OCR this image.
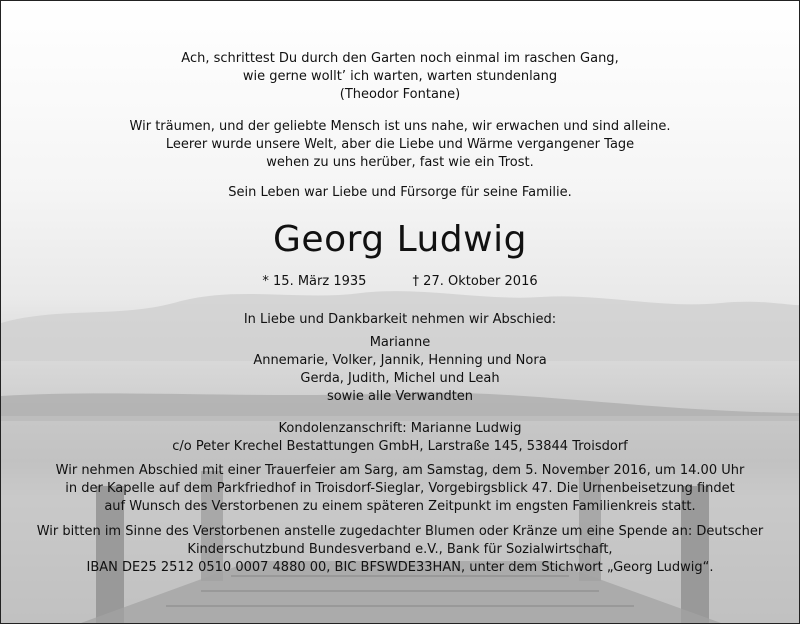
Ach, schrittest Du durch den Garten noch einmal im raschen Gang,
wie gerne wollt’ ich warten, warten stundenlang
(Theodor Fontane)
Wir träumen, und der geliebte Mensch ist uns nahe, wir erwachen und sind alleine.
Leerer wurde unsere Welt, aber die Liebe und Wärme vergangener Tage
wehen zu uns herüber, fast wie ein Trost.
Sein Leben war Liebe und Fürsorge für seine Familie.
Georg Ludwig
* 15. März 1935	† 27. Oktober 2016
In Liebe und Dankbarkeit nehmen wir Abschied:
Marianne
Annemarie, Volker, Jannik, Henning und Nora
Gerda, Judith, Michel und Leah
sowie alle Verwandten
Kondolenzanschrift: Marianne Ludwig
c/o Peter Krechel Bestattungen GmbH, Larstraße 145, 53844 Troisdorf
Wir nehmen Abschied mit einer Trauerfeier am Sarg, am Samstag, dem 5. November 2016, um 14.00 Uhr
in der Kapelle auf dem Parkfriedhof in Troisdorf-Sieglar, Vorgebirgsblick 47. Die Urnenbeisetzung findet
auf Wunsch des Verstorbenen zu einem späteren Zeitpunkt im engsten Familienkreis statt.
Wir bitten im Sinne des Verstorbenen anstelle zugedachter Blumen oder Kränze um eine Spende an: Deutscher
Kinderschutzbund Bundesverband e.V., Bank für Sozialwirtschaft,
IBAN DE25 2512 0510 0007 4880 00, BIC BFSWDE33HAN, unter dem Stichwort „Georg Ludwig“.
